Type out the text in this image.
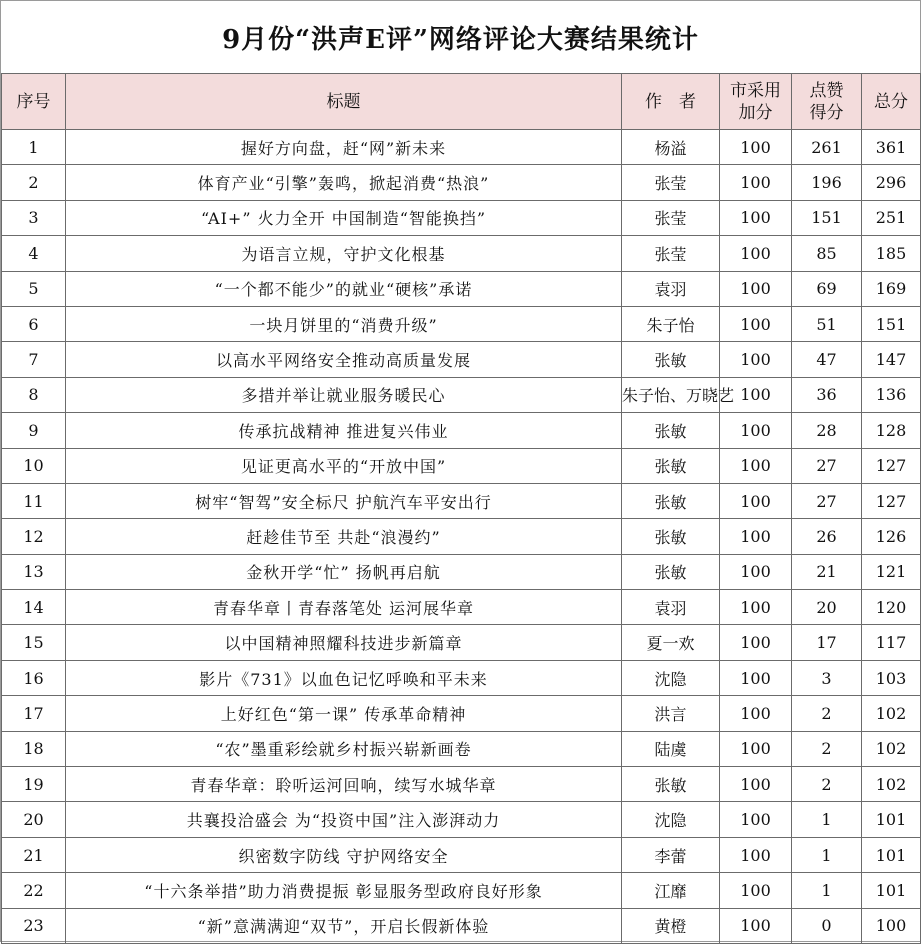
9月份“洪声E评”网络评论大赛结果统计
序号	标题	作　者	市采用加分	点赞得分	总分
1	握好方向盘，赶“网”新未来	杨溢	100	261	361
2	体育产业“引擎”轰鸣，掀起消费“热浪”	张莹	100	196	296
3	“AI+” 火力全开 中国制造“智能换挡”	张莹	100	151	251
4	为语言立规，守护文化根基	张莹	100	85	185
5	“一个都不能少”的就业“硬核”承诺	袁羽	100	69	169
6	一块月饼里的“消费升级”	朱子怡	100	51	151
7	以高水平网络安全推动高质量发展	张敏	100	47	147
8	多措并举让就业服务暖民心	朱子怡、万晓艺	100	36	136
9	传承抗战精神 推进复兴伟业	张敏	100	28	128
10	见证更高水平的“开放中国”	张敏	100	27	127
11	树牢“智驾”安全标尺 护航汽车平安出行	张敏	100	27	127
12	赶趁佳节至 共赴“浪漫约”	张敏	100	26	126
13	金秋开学“忙” 扬帆再启航	张敏	100	21	121
14	青春华章丨青春落笔处 运河展华章	袁羽	100	20	120
15	以中国精神照耀科技进步新篇章	夏一欢	100	17	117
16	影片《731》以血色记忆呼唤和平未来	沈隐	100	3	103
17	上好红色“第一课” 传承革命精神	洪言	100	2	102
18	“农”墨重彩绘就乡村振兴崭新画卷	陆虞	100	2	102
19	青春华章：聆听运河回响，续写水城华章	张敏	100	2	102
20	共襄投洽盛会 为“投资中国”注入澎湃动力	沈隐	100	1	101
21	织密数字防线 守护网络安全	李蕾	100	1	101
22	“十六条举措”助力消费提振 彰显服务型政府良好形象	江靡	100	1	101
23	“新”意满满迎“双节”，开启长假新体验	黄橙	100	0	100
